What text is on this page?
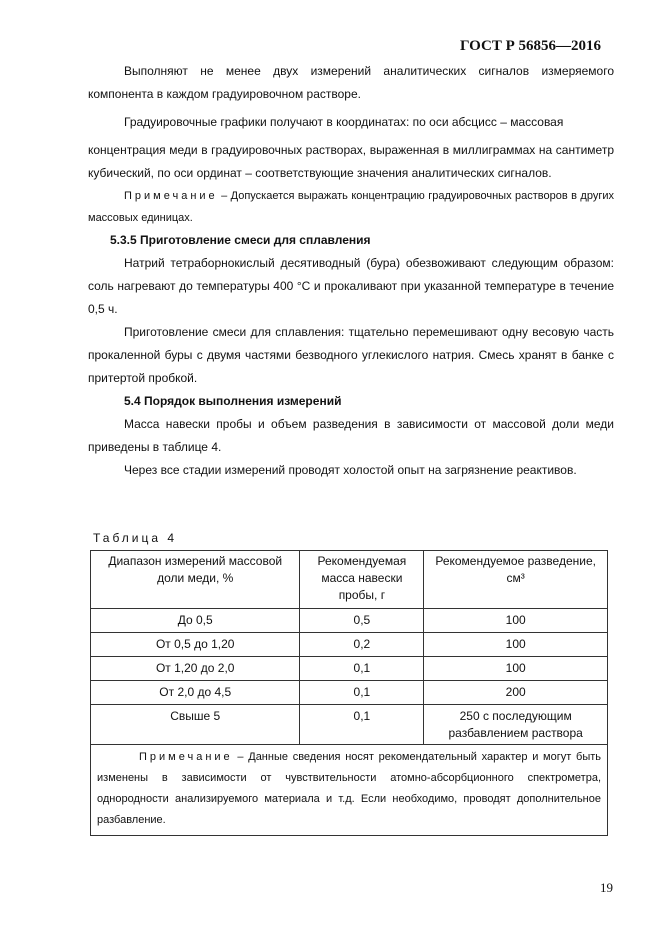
ГОСТ Р 56856—2016
Выполняют не менее двух измерений аналитических сигналов измеряемого компонента в каждом градуировочном растворе.
Градуировочные графики получают в координатах: по оси абсцисс – массовая
концентрация меди в градуировочных растворах, выраженная в миллиграммах на сантиметр кубический, по оси ординат – соответствующие значения аналитических сигналов.
Примечание – Допускается выражать концентрацию градуировочных растворов в других массовых единицах.
5.3.5 Приготовление смеси для сплавления
Натрий тетраборнокислый десятиводный (бура) обезвоживают следующим образом: соль нагревают до температуры 400 °С и прокаливают при указанной температуре в течение 0,5 ч.
Приготовление смеси для сплавления: тщательно перемешивают одну весовую часть прокаленной буры с двумя частями безводного углекислого натрия. Смесь хранят в банке с притертой пробкой.
5.4 Порядок выполнения измерений
Масса навески пробы и объем разведения в зависимости от массовой доли меди приведены в таблице 4.
Через все стадии измерений проводят холостой опыт на загрязнение реактивов.
Таблица 4
Диапазон измерений массовой доли меди, %	Рекомендуемая масса навески пробы, г	Рекомендуемое разведение, см³
До 0,5	0,5	100
От 0,5 до 1,20	0,2	100
От 1,20 до 2,0	0,1	100
От 2,0 до 4,5	0,1	200
Свыше 5	0,1	250 с последующим разбавлением раствора
Примечание – Данные сведения носят рекомендательный характер и могут быть изменены в зависимости от чувствительности атомно-абсорбционного спектрометра, однородности анализируемого материала и т.д. Если необходимо, проводят дополнительное разбавление.		
19
